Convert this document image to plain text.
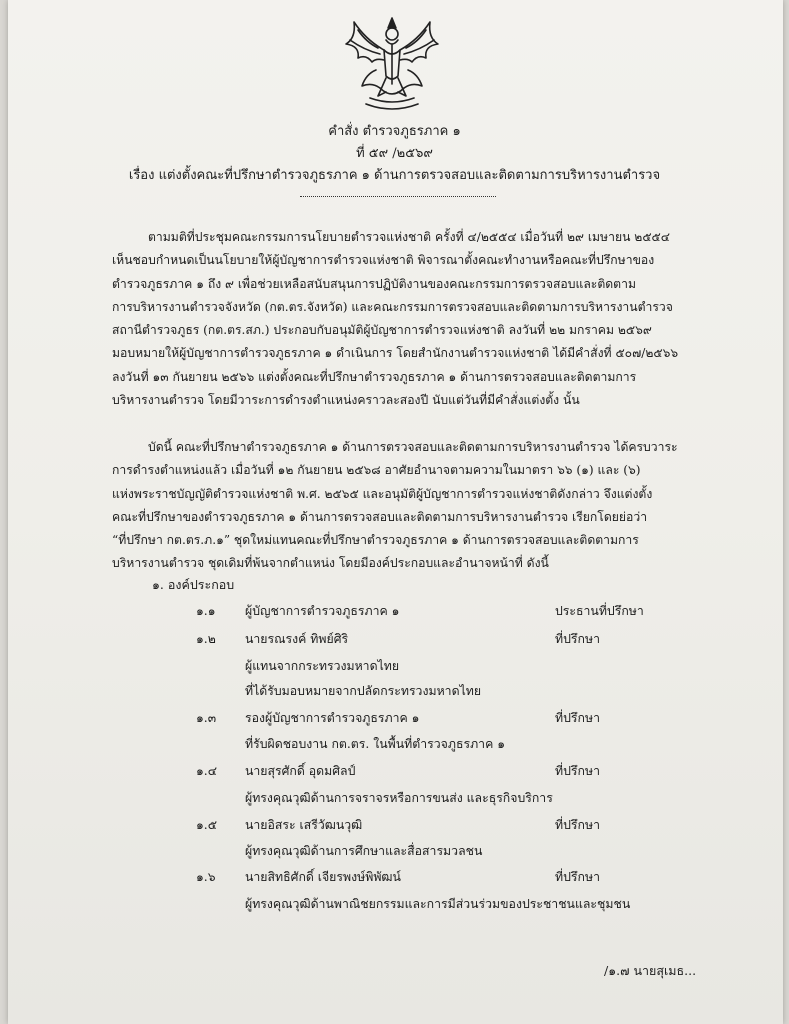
คำสั่ง ตำรวจภูธรภาค ๑
ที่ ๕๙ /๒๕๖๙
เรื่อง แต่งตั้งคณะที่ปรึกษาตำรวจภูธรภาค ๑ ด้านการตรวจสอบและติดตามการบริหารงานตำรวจ
ตามมติที่ประชุมคณะกรรมการนโยบายตำรวจแห่งชาติ ครั้งที่ ๔/๒๕๕๔ เมื่อวันที่ ๒๙ เมษายน ๒๕๕๔
เห็นชอบกำหนดเป็นนโยบายให้ผู้บัญชาการตำรวจแห่งชาติ พิจารณาตั้งคณะทำงานหรือคณะที่ปรึกษาของ
ตำรวจภูธรภาค ๑ ถึง ๙ เพื่อช่วยเหลือสนับสนุนการปฏิบัติงานของคณะกรรมการตรวจสอบและติดตาม
การบริหารงานตำรวจจังหวัด (กต.ตร.จังหวัด) และคณะกรรมการตรวจสอบและติดตามการบริหารงานตำรวจ
สถานีตำรวจภูธร (กต.ตร.สภ.) ประกอบกับอนุมัติผู้บัญชาการตำรวจแห่งชาติ ลงวันที่ ๒๒ มกราคม ๒๕๖๙
มอบหมายให้ผู้บัญชาการตำรวจภูธรภาค ๑ ดำเนินการ โดยสำนักงานตำรวจแห่งชาติ ได้มีคำสั่งที่ ๕๐๗/๒๕๖๖
ลงวันที่ ๑๓ กันยายน ๒๕๖๖ แต่งตั้งคณะที่ปรึกษาตำรวจภูธรภาค ๑ ด้านการตรวจสอบและติดตามการ
บริหารงานตำรวจ โดยมีวาระการดำรงตำแหน่งคราวละสองปี นับแต่วันที่มีคำสั่งแต่งตั้ง นั้น
บัดนี้ คณะที่ปรึกษาตำรวจภูธรภาค ๑ ด้านการตรวจสอบและติดตามการบริหารงานตำรวจ ได้ครบวาระ
การดำรงตำแหน่งแล้ว เมื่อวันที่ ๑๒ กันยายน ๒๕๖๘ อาศัยอำนาจตามความในมาตรา ๖๖ (๑) และ (๖)
แห่งพระราชบัญญัติตำรวจแห่งชาติ พ.ศ. ๒๕๖๕ และอนุมัติผู้บัญชาการตำรวจแห่งชาติดังกล่าว จึงแต่งตั้ง
คณะที่ปรึกษาของตำรวจภูธรภาค ๑ ด้านการตรวจสอบและติดตามการบริหารงานตำรวจ เรียกโดยย่อว่า
“ที่ปรึกษา กต.ตร.ภ.๑” ชุดใหม่แทนคณะที่ปรึกษาตำรวจภูธรภาค ๑ ด้านการตรวจสอบและติดตามการ
บริหารงานตำรวจ ชุดเดิมที่พ้นจากตำแหน่ง โดยมีองค์ประกอบและอำนาจหน้าที่ ดังนี้
๑. องค์ประกอบ
๑.๑ ผู้บัญชาการตำรวจภูธรภาค ๑	ประธานที่ปรึกษา
๑.๒ นายรณรงค์ ทิพย์ศิริ	ที่ปรึกษา
ผู้แทนจากกระทรวงมหาดไทย
ที่ได้รับมอบหมายจากปลัดกระทรวงมหาดไทย
๑.๓ รองผู้บัญชาการตำรวจภูธรภาค ๑	ที่ปรึกษา
ที่รับผิดชอบงาน กต.ตร. ในพื้นที่ตำรวจภูธรภาค ๑
๑.๔ นายสุรศักดิ์ อุดมศิลป์	ที่ปรึกษา
ผู้ทรงคุณวุฒิด้านการจราจรหรือการขนส่ง และธุรกิจบริการ
๑.๕ นายอิสระ เสรีวัฒนวุฒิ	ที่ปรึกษา
ผู้ทรงคุณวุฒิด้านการศึกษาและสื่อสารมวลชน
๑.๖ นายสิทธิศักดิ์ เจียรพงษ์พิพัฒน์	ที่ปรึกษา
ผู้ทรงคุณวุฒิด้านพาณิชยกรรมและการมีส่วนร่วมของประชาชนและชุมชน
/๑.๗ นายสุเมธ...
